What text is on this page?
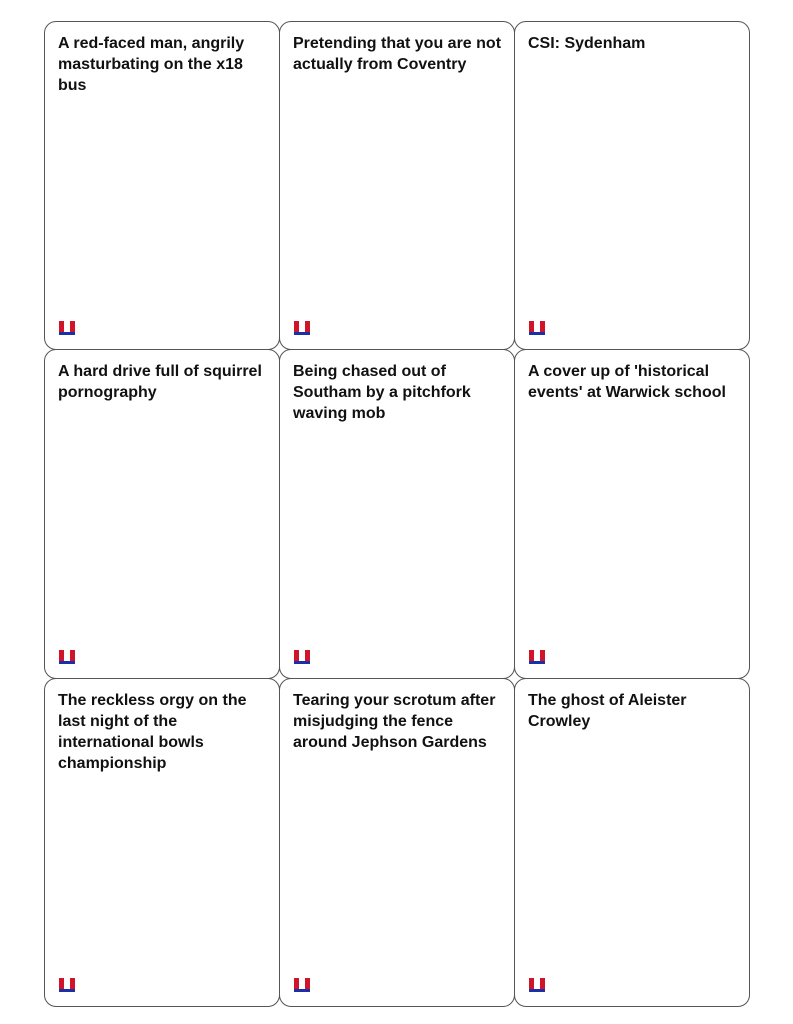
A red-faced man, angrily masturbating on the x18 bus

Pretending that you are not actually from Coventry

CSI: Sydenham

A hard drive full of squirrel pornography

Being chased out of Southam by a pitchfork waving mob

A cover up of 'historical events' at Warwick school

The reckless orgy on the last night of the international bowls championship

Tearing your scrotum after misjudging the fence around Jephson Gardens

The ghost of Aleister Crowley
